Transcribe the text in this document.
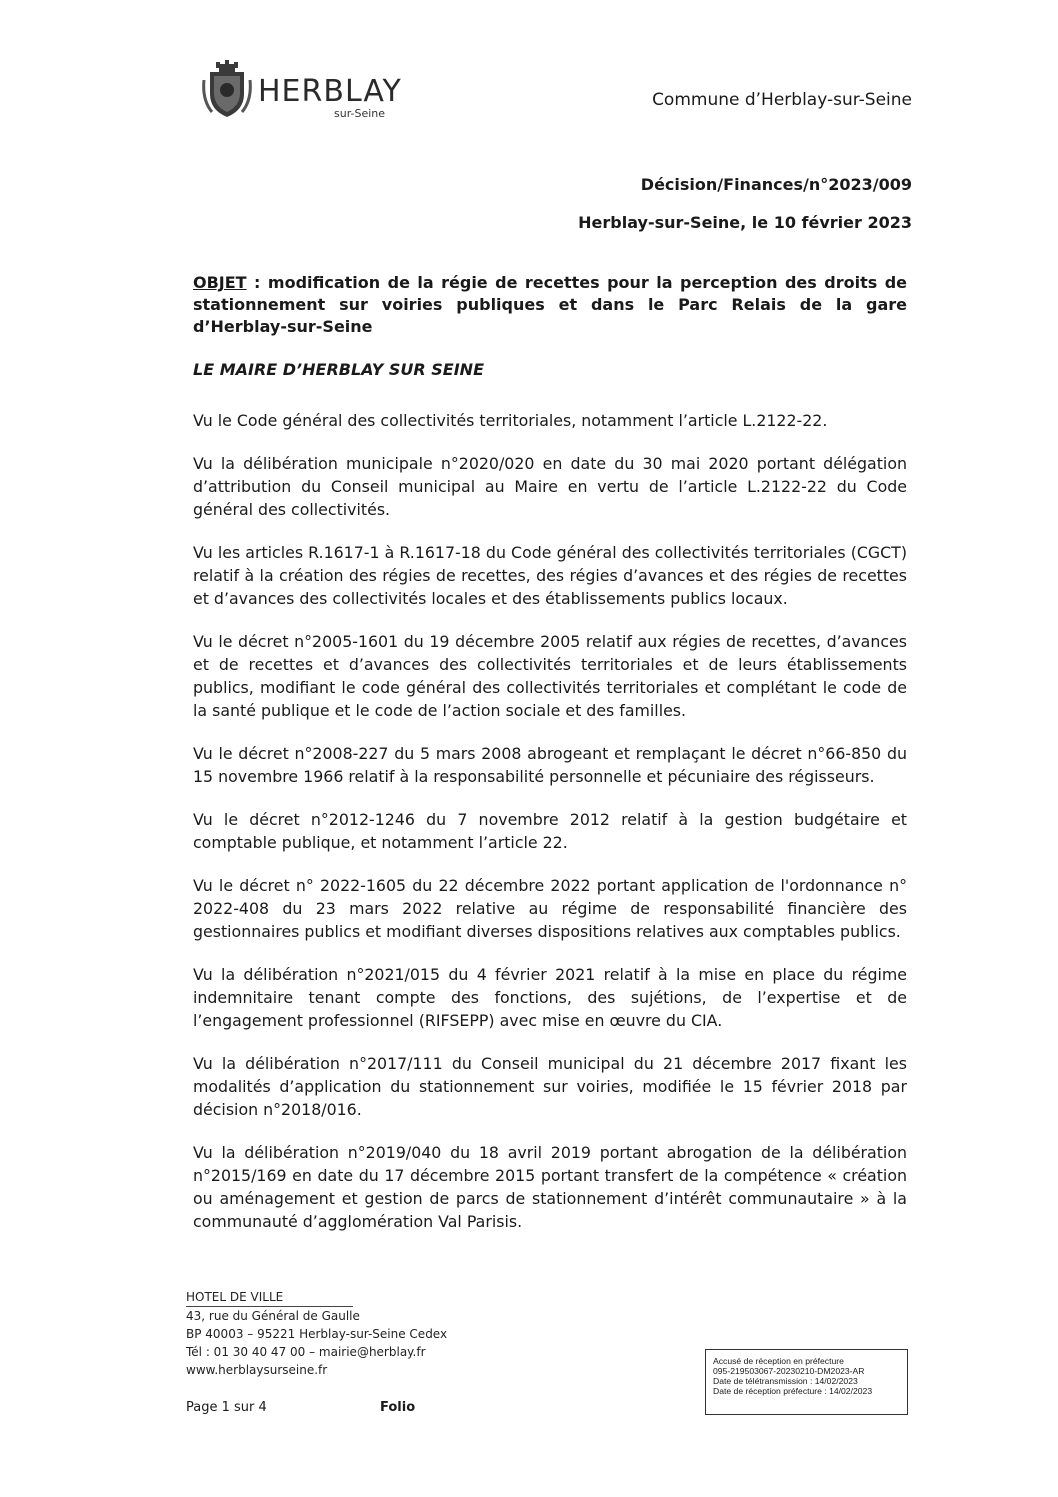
HERBLAY
sur-Seine
Commune d’Herblay-sur-Seine
Décision/Finances/n°2023/009
Herblay-sur-Seine, le 10 février 2023
OBJET : modification de la régie de recettes pour la perception des droits de stationnement sur voiries publiques et dans le Parc Relais de la gare d’Herblay-sur-Seine
LE MAIRE D’HERBLAY SUR SEINE

Vu le Code général des collectivités territoriales, notamment l’article L.2122-22.

Vu la délibération municipale n°2020/020 en date du 30 mai 2020 portant délégation d’attribution du Conseil municipal au Maire en vertu de l’article L.2122-22 du Code général des collectivités.

Vu les articles R.1617-1 à R.1617-18 du Code général des collectivités territoriales (CGCT) relatif à la création des régies de recettes, des régies d’avances et des régies de recettes et d’avances des collectivités locales et des établissements publics locaux.

Vu le décret n°2005-1601 du 19 décembre 2005 relatif aux régies de recettes, d’avances et de recettes et d’avances des collectivités territoriales et de leurs établissements publics, modifiant le code général des collectivités territoriales et complétant le code de la santé publique et le code de l’action sociale et des familles.

Vu le décret n°2008-227 du 5 mars 2008 abrogeant et remplaçant le décret n°66-850 du 15 novembre 1966 relatif à la responsabilité personnelle et pécuniaire des régisseurs.

Vu le décret n°2012-1246 du 7 novembre 2012 relatif à la gestion budgétaire et comptable publique, et notamment l’article 22.

Vu le décret n° 2022-1605 du 22 décembre 2022 portant application de l'ordonnance n° 2022-408 du 23 mars 2022 relative au régime de responsabilité financière des gestionnaires publics et modifiant diverses dispositions relatives aux comptables publics.

Vu la délibération n°2021/015 du 4 février 2021 relatif à la mise en place du régime indemnitaire tenant compte des fonctions, des sujétions, de l’expertise et de l’engagement professionnel (RIFSEPP) avec mise en œuvre du CIA.

Vu la délibération n°2017/111 du Conseil municipal du 21 décembre 2017 fixant les modalités d’application du stationnement sur voiries, modifiée le 15 février 2018 par décision n°2018/016.

Vu la délibération n°2019/040 du 18 avril 2019 portant abrogation de la délibération n°2015/169 en date du 17 décembre 2015 portant transfert de la compétence « création ou aménagement et gestion de parcs de stationnement d’intérêt communautaire » à la communauté d’agglomération Val Parisis.

HOTEL DE VILLE
43, rue du Général de Gaulle
BP 40003 – 95221 Herblay-sur-Seine Cedex
Tél : 01 30 40 47 00 – mairie@herblay.fr
www.herblaysurseine.fr
Page 1 sur 4	Folio
Accusé de réception en préfecture
095-219503067-20230210-DM2023-AR
Date de télétransmission : 14/02/2023
Date de réception préfecture : 14/02/2023
